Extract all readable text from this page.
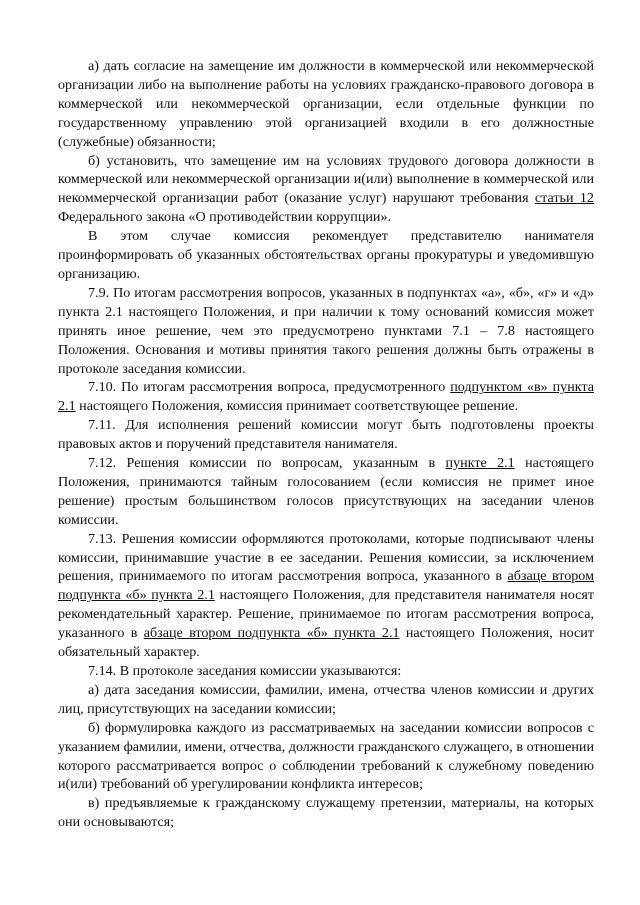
а) дать согласие на замещение им должности в коммерческой или некоммерческой организации либо на выполнение работы на условиях гражданско-правового договора в коммерческой или некоммерческой организации, если отдельные функции по государственному управлению этой организацией входили в его должностные (служебные) обязанности;

б) установить, что замещение им на условиях трудового договора должности в коммерческой или некоммерческой организации и(или) выполнение в коммерческой или некоммерческой организации работ (оказание услуг) нарушают требования статьи 12 Федерального закона «О противодействии коррупции».

В этом случае комиссия рекомендует представителю нанимателя проинформировать об указанных обстоятельствах органы прокуратуры и уведомившую организацию.

7.9. По итогам рассмотрения вопросов, указанных в подпунктах «а», «б», «г» и «д» пункта 2.1 настоящего Положения, и при наличии к тому оснований комиссия может принять иное решение, чем это предусмотрено пунктами 7.1 – 7.8 настоящего Положения. Основания и мотивы принятия такого решения должны быть отражены в протоколе заседания комиссии.

7.10. По итогам рассмотрения вопроса, предусмотренного подпунктом «в» пункта 2.1 настоящего Положения, комиссия принимает соответствующее решение.

7.11. Для исполнения решений комиссии могут быть подготовлены проекты правовых актов и поручений представителя нанимателя.

7.12. Решения комиссии по вопросам, указанным в пункте 2.1 настоящего Положения, принимаются тайным голосованием (если комиссия не примет иное решение) простым большинством голосов присутствующих на заседании членов комиссии.

7.13. Решения комиссии оформляются протоколами, которые подписывают члены комиссии, принимавшие участие в ее заседании. Решения комиссии, за исключением решения, принимаемого по итогам рассмотрения вопроса, указанного в абзаце втором подпункта «б» пункта 2.1 настоящего Положения, для представителя нанимателя носят рекомендательный характер. Решение, принимаемое по итогам рассмотрения вопроса, указанного в абзаце втором подпункта «б» пункта 2.1 настоящего Положения, носит обязательный характер.

7.14. В протоколе заседания комиссии указываются:

а) дата заседания комиссии, фамилии, имена, отчества членов комиссии и других лиц, присутствующих на заседании комиссии;

б) формулировка каждого из рассматриваемых на заседании комиссии вопросов с указанием фамилии, имени, отчества, должности гражданского служащего, в отношении которого рассматривается вопрос о соблюдении требований к служебному поведению и(или) требований об урегулировании конфликта интересов;

в) предъявляемые к гражданскому служащему претензии, материалы, на которых они основываются;
